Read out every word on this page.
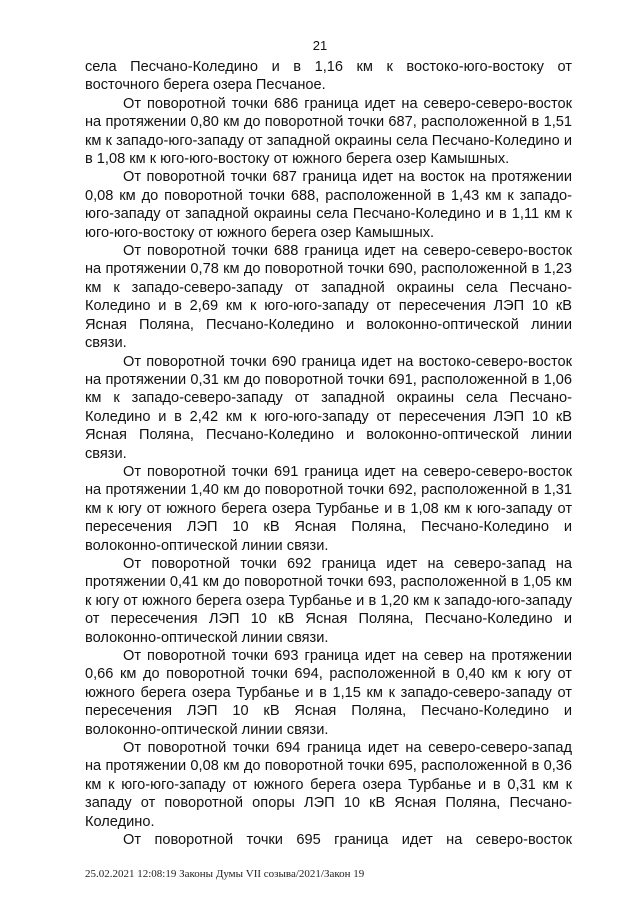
21

села Песчано-Коледино и в 1,16 км к востоко-юго-востоку от восточного берега озера Песчаное.

От поворотной точки 686 граница идет на северо-северо-восток на протяжении 0,80 км до поворотной точки 687, расположенной в 1,51 км к западо-юго-западу от западной окраины села Песчано-Коледино и в 1,08 км к юго-юго-востоку от южного берега озер Камышных.

От поворотной точки 687 граница идет на восток на протяжении 0,08 км до поворотной точки 688, расположенной в 1,43 км к западо-юго-западу от западной окраины села Песчано-Коледино и в 1,11 км к юго-юго-востоку от южного берега озер Камышных.

От поворотной точки 688 граница идет на северо-северо-восток на протяжении 0,78 км до поворотной точки 690, расположенной в 1,23 км к западо-северо-западу от западной окраины села Песчано-Коледино и в 2,69 км к юго-юго-западу от пересечения ЛЭП 10 кВ Ясная Поляна, Песчано-Коледино и волоконно-оптической линии связи.

От поворотной точки 690 граница идет на востоко-северо-восток на протяжении 0,31 км до поворотной точки 691, расположенной в 1,06 км к западо-северо-западу от западной окраины села Песчано-Коледино и в 2,42 км к юго-юго-западу от пересечения ЛЭП 10 кВ Ясная Поляна, Песчано-Коледино и волоконно-оптической линии связи.

От поворотной точки 691 граница идет на северо-северо-восток на протяжении 1,40 км до поворотной точки 692, расположенной в 1,31 км к югу от южного берега озера Турбанье и в 1,08 км к юго-западу от пересечения ЛЭП 10 кВ Ясная Поляна, Песчано-Коледино и волоконно-оптической линии связи.

От поворотной точки 692 граница идет на северо-запад на протяжении 0,41 км до поворотной точки 693, расположенной в 1,05 км к югу от южного берега озера Турбанье и в 1,20 км к западо-юго-западу от пересечения ЛЭП 10 кВ Ясная Поляна, Песчано-Коледино и волоконно-оптической линии связи.

От поворотной точки 693 граница идет на север на протяжении 0,66 км до поворотной точки 694, расположенной в 0,40 км к югу от южного берега озера Турбанье и в 1,15 км к западо-северо-западу от пересечения ЛЭП 10 кВ Ясная Поляна, Песчано-Коледино и волоконно-оптической линии связи.

От поворотной точки 694 граница идет на северо-северо-запад на протяжении 0,08 км до поворотной точки 695, расположенной в 0,36 км к юго-юго-западу от южного берега озера Турбанье и в 0,31 км к западу от поворотной опоры ЛЭП 10 кВ Ясная Поляна, Песчано-Коледино.

От поворотной точки 695 граница идет на северо-восток

25.02.2021 12:08:19 Законы Думы VII созыва/2021/Закон 19
